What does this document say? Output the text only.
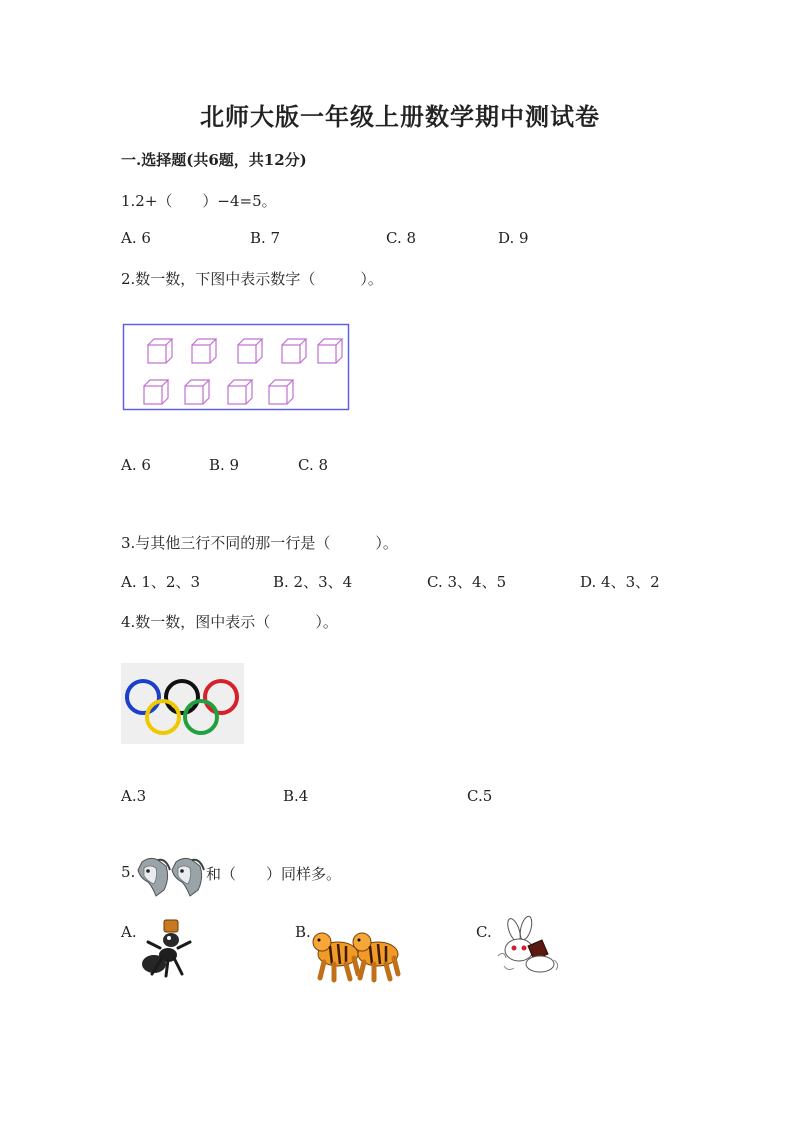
北师大版一年级上册数学期中测试卷
一.选择题(共6题，共12分)
1.2+（　　）−4=5。
A. 6	B. 7	C. 8	D. 9
2.数一数，下图中表示数字（　　　）。
A. 6	B. 9	C. 8
3.与其他三行不同的那一行是（　　　）。
A. 1、2、3	B. 2、3、4	C. 3、4、5	D. 4、3、2
4.数一数，图中表示（　　　）。
A.3	B.4	C.5
5.	和（　　）同样多。
A.	B.	C.
